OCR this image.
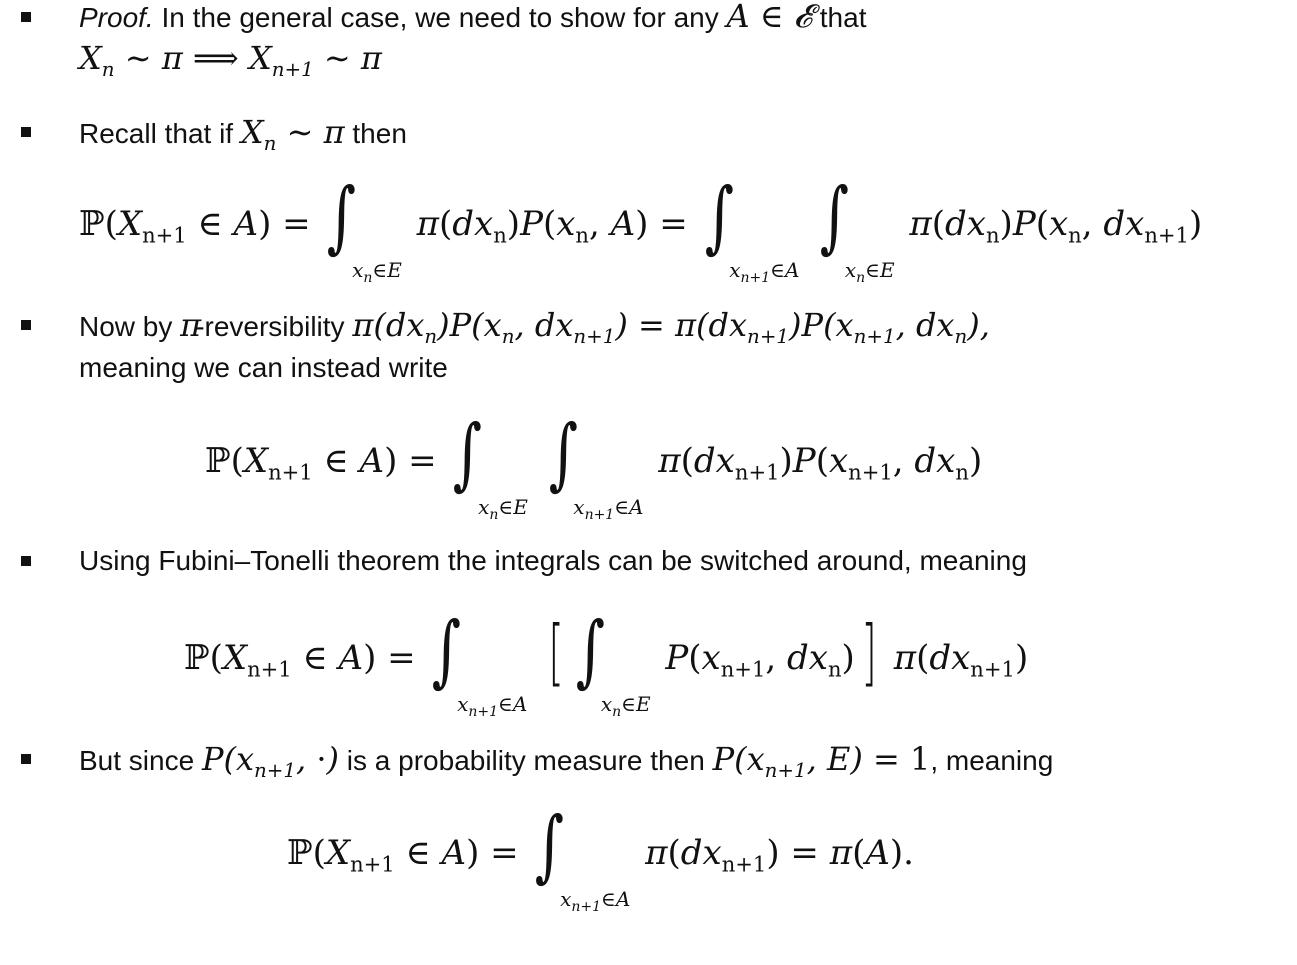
Proof. In the general case, we need to show for any A ∈ 𝓔 that
$X_n$ ∼ π ⟹ $X_{n+1}$ ∼ π
Recall that if $X_n$ ∼ π then
$ℙ(X_{n+1}$ ∈ $A) = \int x_n\in E$ $\pi(dx_n)P(x_n$, $A) = \int x_{n+1}\in A$ $\int x_n\in E$ $\pi(dx_n)P(x_n$, $dx_{n+1}$)
Now by π-reversibility $\pi(dx_n)P(x_n$, $dx_{n+1}) = \pi(dx_{n+1})P(x_{n+1}$, $dx_n$),
meaning we can instead write
$ℙ(X_{n+1}$ ∈ $A) = \int x_n\in E$ $\int x_{n+1}\in A$ $\pi(dx_{n+1})P(x_{n+1}$, $dx_n$)
Using Fubini–Tonelli theorem the integrals can be switched around, meaning
$ℙ(X_{n+1}$ ∈ $A) = \int x_{n+1}\in A$ [ $\int x_n\in E$ $P(x_{n+1}$, $dx_n$)] $\pi(dx_{n+1})$
But since $P(x_{n+1}$, ·) is a probability measure then $P(x_{n+1}$, E) = 1, meaning
$ℙ(X_{n+1}$ ∈ $A) = \int x_{n+1}\in A$ $\pi(dx_{n+1}) = \pi(A)$.
